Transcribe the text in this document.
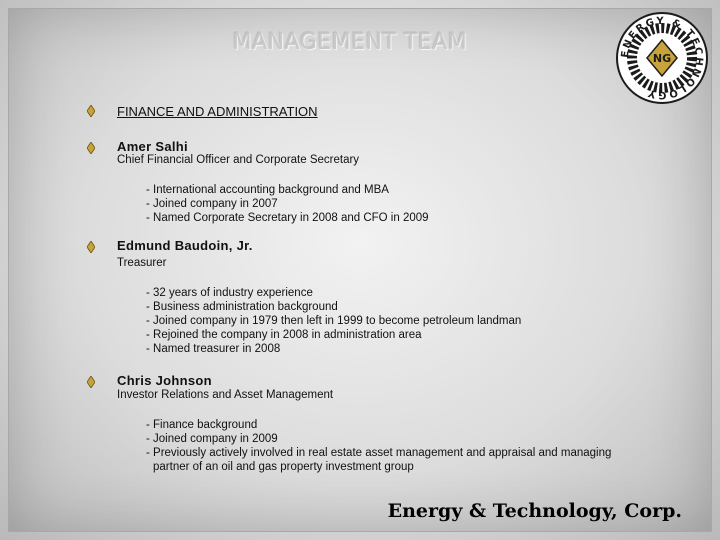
MANAGEMENT TEAM	ENERGY & TECHNOLOGY
NG
FINANCE AND ADMINISTRATION
Amer Salhi
Chief Financial Officer and Corporate Secretary
- International accounting background and MBA
- Joined company in 2007
- Named Corporate Secretary in 2008 and CFO in 2009
Edmund Baudoin, Jr.
Treasurer
- 32 years of industry experience
- Business administration background
- Joined company in 1979 then left in 1999 to become petroleum landman
- Rejoined the company in 2008 in administration area
- Named treasurer in 2008
Chris Johnson
Investor Relations and Asset Management
- Finance background
- Joined company in 2009
- Previously actively involved in real estate asset management and appraisal and managing
partner of an oil and gas property investment group
Energy & Technology, Corp.
